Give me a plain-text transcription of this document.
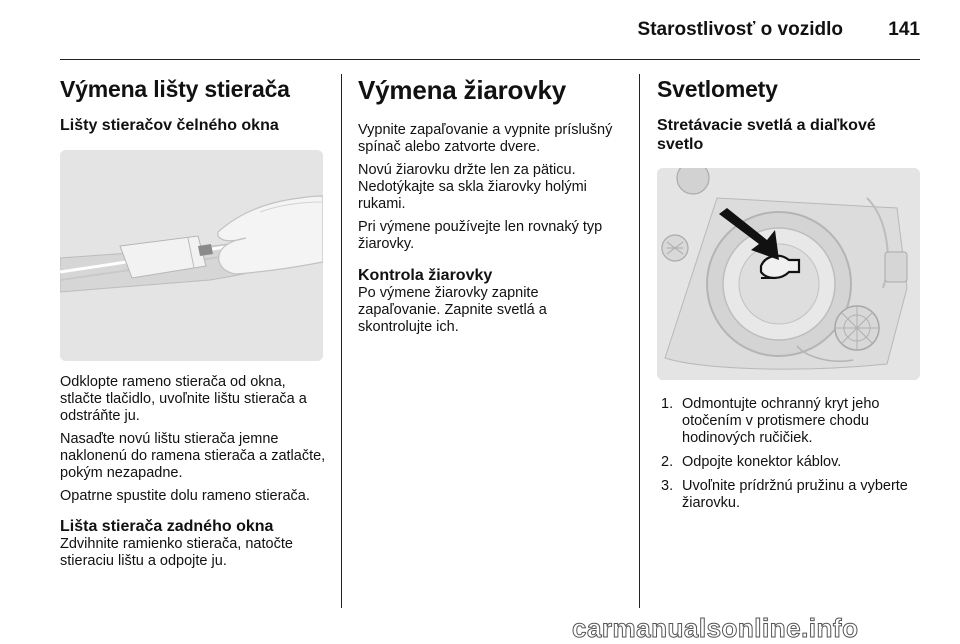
Starostlivosť o vozidlo 141
Výmena lišty stierača
Lišty stieračov čelného okna

Odklopte rameno stierača od okna, stlačte tlačidlo, uvoľnite lištu stierača a odstráňte ju.

Nasaďte novú lištu stierača jemne naklonenú do ramena stierača a zatlačte, pokým nezapadne.

Opatrne spustite dolu rameno stierača.

Lišta stierača zadného okna

Zdvihnite ramienko stierača, natočte stieraciu lištu a odpojte ju.

Výmena žiarovky

Vypnite zapaľovanie a vypnite príslušný spínač alebo zatvorte dvere.

Novú žiarovku držte len za päticu. Nedotýkajte sa skla žiarovky holými rukami.

Pri výmene používejte len rovnaký typ žiarovky.

Kontrola žiarovky

Po výmene žiarovky zapnite zapaľovanie. Zapnite svetlá a skontrolujte ich.

Svetlomety
Stretávacie svetlá a diaľkové svetlo
1. Odmontujte ochranný kryt jeho otočením v protismere chodu hodinových ručičiek.
2. Odpojte konektor káblov.
3. Uvoľnite prídržnú pružinu a vyberte žiarovku.
carmanualsonline.info
